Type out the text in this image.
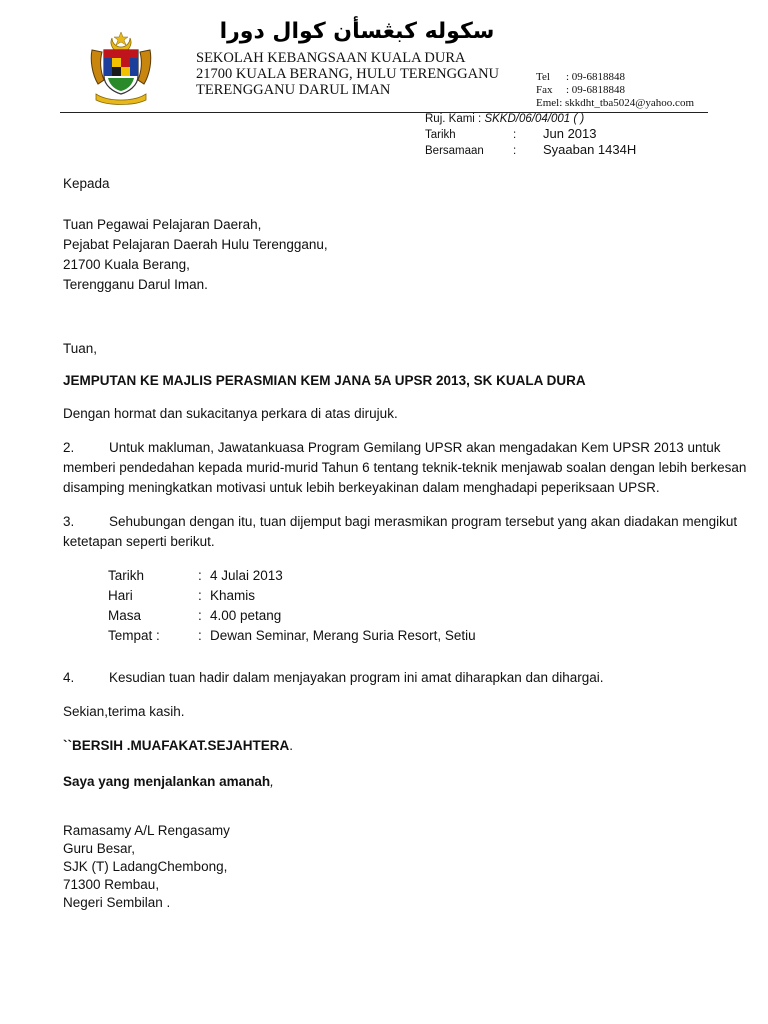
سکوله کبڠسأن کوال دورا
SEKOLAH KEBANGSAAN KUALA DURA
21700 KUALA BERANG, HULU TERENGGANU
TERENGGANU DARUL IMAN
Tel : 09-6818848
Fax : 09-6818848
Emel: skkdht_tba5024@yahoo.com
Ruj. Kami : SKKD/06/04/001 ( )
Tarikh	: Jun 2013
Bersamaan	: Syaaban 1434H
Kepada
Tuan Pegawai Pelajaran Daerah,
Pejabat Pelajaran Daerah Hulu Terengganu,
21700 Kuala Berang,
Terengganu Darul Iman.
Tuan,
JEMPUTAN KE MAJLIS PERASMIAN KEM JANA 5A UPSR 2013, SK KUALA DURA
Dengan hormat dan sukacitanya perkara di atas dirujuk.
2.	Untuk makluman, Jawatankuasa Program Gemilang UPSR akan mengadakan Kem UPSR 2013 untuk
memberi pendedahan kepada murid-murid Tahun 6 tentang teknik-teknik menjawab soalan dengan lebih berkesan
disamping meningkatkan motivasi untuk lebih berkeyakinan dalam menghadapi peperiksaan UPSR.
3.	Sehubungan dengan itu, tuan dijemput bagi merasmikan program tersebut yang akan diadakan mengikut
ketetapan seperti berikut.
Tarikh	: 4 Julai 2013
Hari	: Khamis
Masa	: 4.00 petang
Tempat :	: Dewan Seminar, Merang Suria Resort, Setiu
4.	Kesudian tuan hadir dalam menjayakan program ini amat diharapkan dan dihargai.
Sekian,terima kasih.
``BERSIH .MUAFAKAT.SEJAHTERA.
Saya yang menjalankan amanah,
Ramasamy A/L Rengasamy
Guru Besar,
SJK (T) LadangChembong,
71300 Rembau,
Negeri Sembilan .
